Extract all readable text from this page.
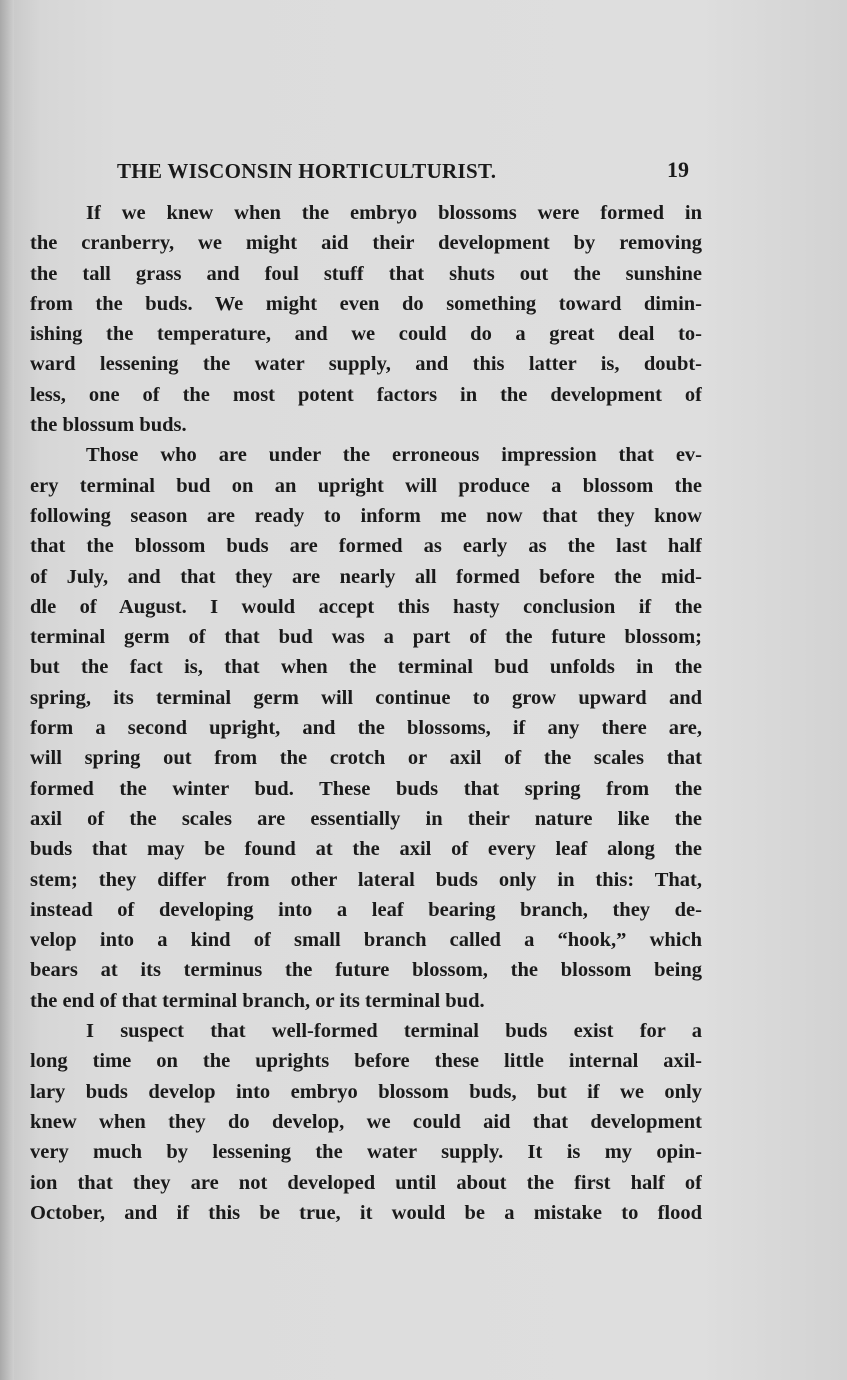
THE WISCONSIN HORTICULTURIST.	19
If we knew when the embryo blossoms were formed in
the cranberry, we might aid their development by removing
the tall grass and foul stuff that shuts out the sunshine
from the buds. We might even do something toward dimin-
ishing the temperature, and we could do a great deal to-
ward lessening the water supply, and this latter is, doubt-
less, one of the most potent factors in the development of
the blossum buds.
Those who are under the erroneous impression that ev-
ery terminal bud on an upright will produce a blossom the
following season are ready to inform me now that they know
that the blossom buds are formed as early as the last half
of July, and that they are nearly all formed before the mid-
dle of August. I would accept this hasty conclusion if the
terminal germ of that bud was a part of the future blossom;
but the fact is, that when the terminal bud unfolds in the
spring, its terminal germ will continue to grow upward and
form a second upright, and the blossoms, if any there are,
will spring out from the crotch or axil of the scales that
formed the winter bud. These buds that spring from the
axil of the scales are essentially in their nature like the
buds that may be found at the axil of every leaf along the
stem; they differ from other lateral buds only in this: That,
instead of developing into a leaf bearing branch, they de-
velop into a kind of small branch called a “hook,” which
bears at its terminus the future blossom, the blossom being
the end of that terminal branch, or its terminal bud.
I suspect that well-formed terminal buds exist for a
long time on the uprights before these little internal axil-
lary buds develop into embryo blossom buds, but if we only
knew when they do develop, we could aid that development
very much by lessening the water supply. It is my opin-
ion that they are not developed until about the first half of
October, and if this be true, it would be a mistake to flood
